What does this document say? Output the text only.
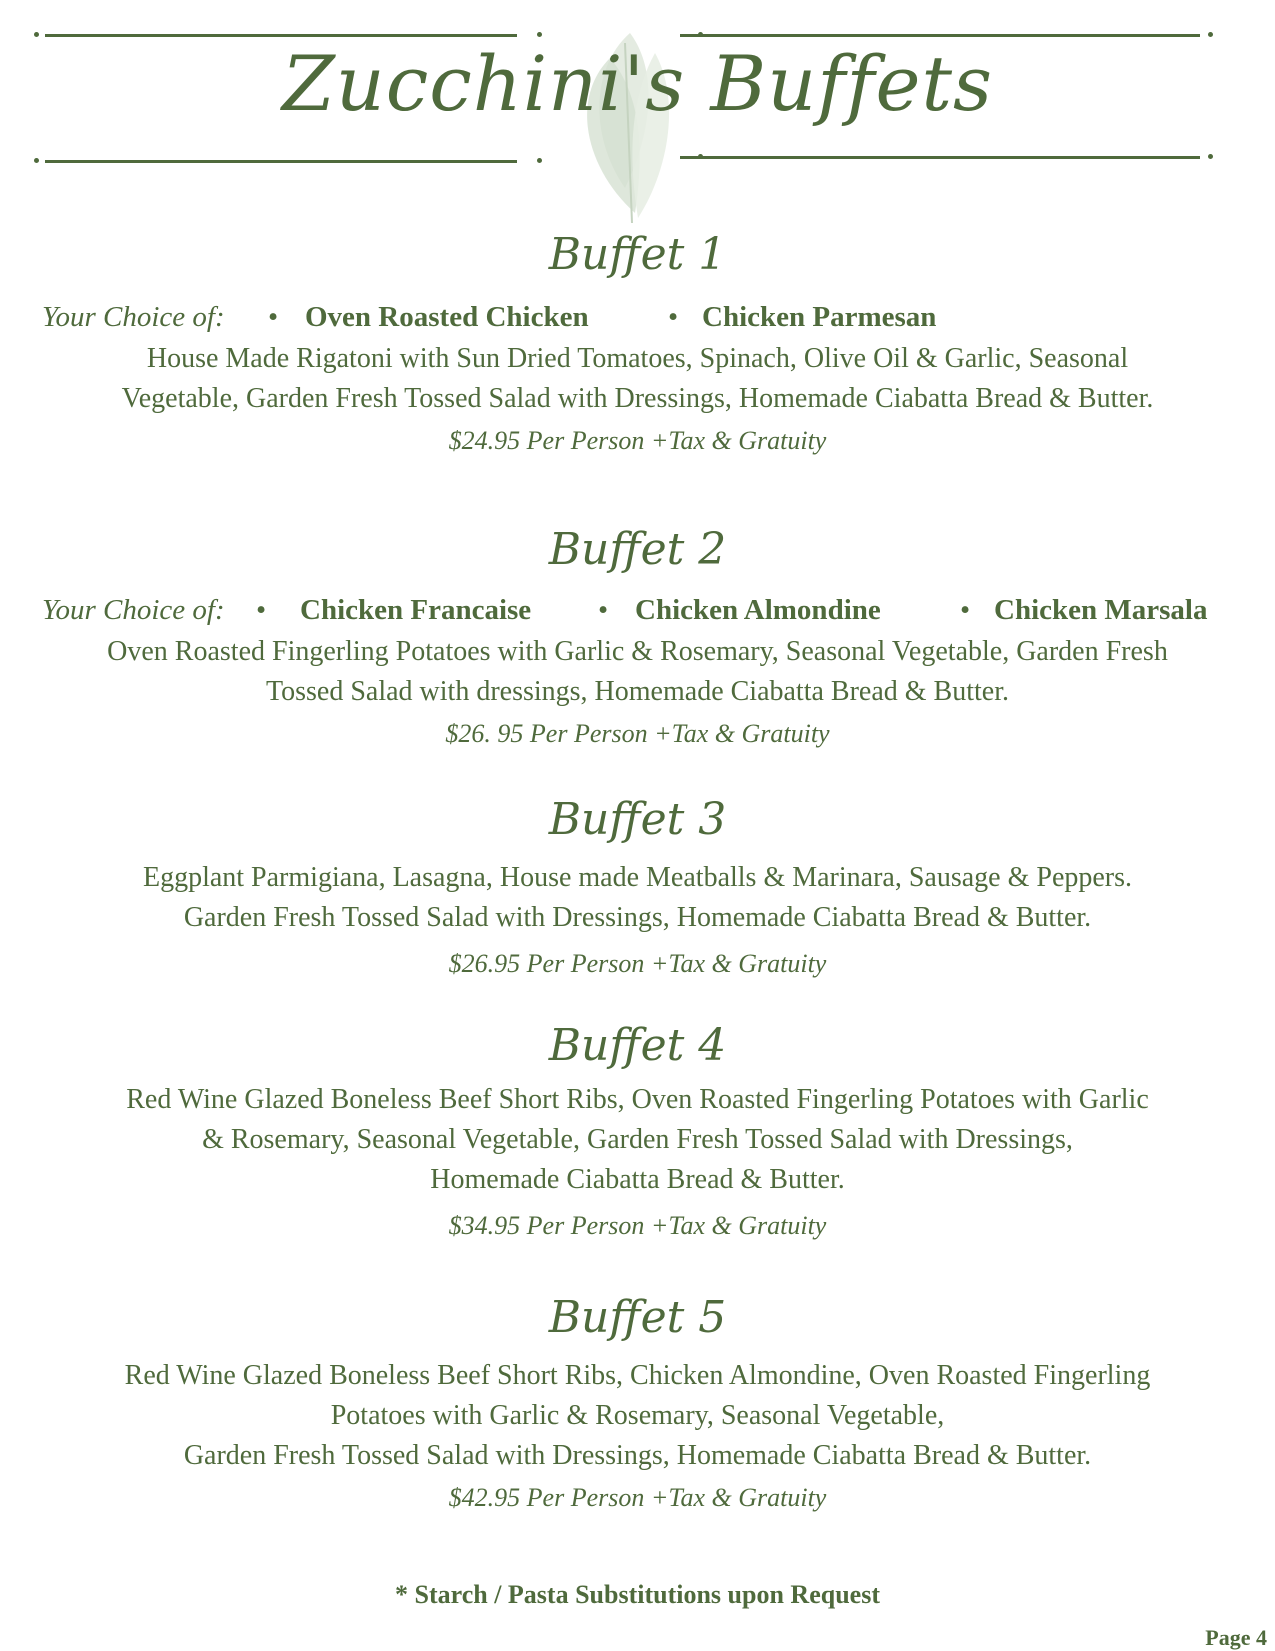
Zucchini's Buffets
Buffet 1
Your Choice of: • Oven Roasted Chicken	• Chicken Parmesan

House Made Rigatoni with Sun Dried Tomatoes, Spinach, Olive Oil & Garlic, Seasonal

Vegetable, Garden Fresh Tossed Salad with Dressings, Homemade Ciabatta Bread & Butter.

$24.95 Per Person +Tax & Gratuity

Buffet 2
Your Choice of: • Chicken Francaise • Chicken Almondine	• Chicken Marsala

Oven Roasted Fingerling Potatoes with Garlic & Rosemary, Seasonal Vegetable, Garden Fresh

Tossed Salad with dressings, Homemade Ciabatta Bread & Butter.

$26. 95 Per Person +Tax & Gratuity

Buffet 3

Eggplant Parmigiana, Lasagna, House made Meatballs & Marinara, Sausage & Peppers.

Garden Fresh Tossed Salad with Dressings, Homemade Ciabatta Bread & Butter.

$26.95 Per Person +Tax & Gratuity

Buffet 4

Red Wine Glazed Boneless Beef Short Ribs, Oven Roasted Fingerling Potatoes with Garlic

& Rosemary, Seasonal Vegetable, Garden Fresh Tossed Salad with Dressings,

Homemade Ciabatta Bread & Butter.

$34.95 Per Person +Tax & Gratuity

Buffet 5

Red Wine Glazed Boneless Beef Short Ribs, Chicken Almondine, Oven Roasted Fingerling

Potatoes with Garlic & Rosemary, Seasonal Vegetable,

Garden Fresh Tossed Salad with Dressings, Homemade Ciabatta Bread & Butter.

$42.95 Per Person +Tax & Gratuity

* Starch / Pasta Substitutions upon Request
Page 4
